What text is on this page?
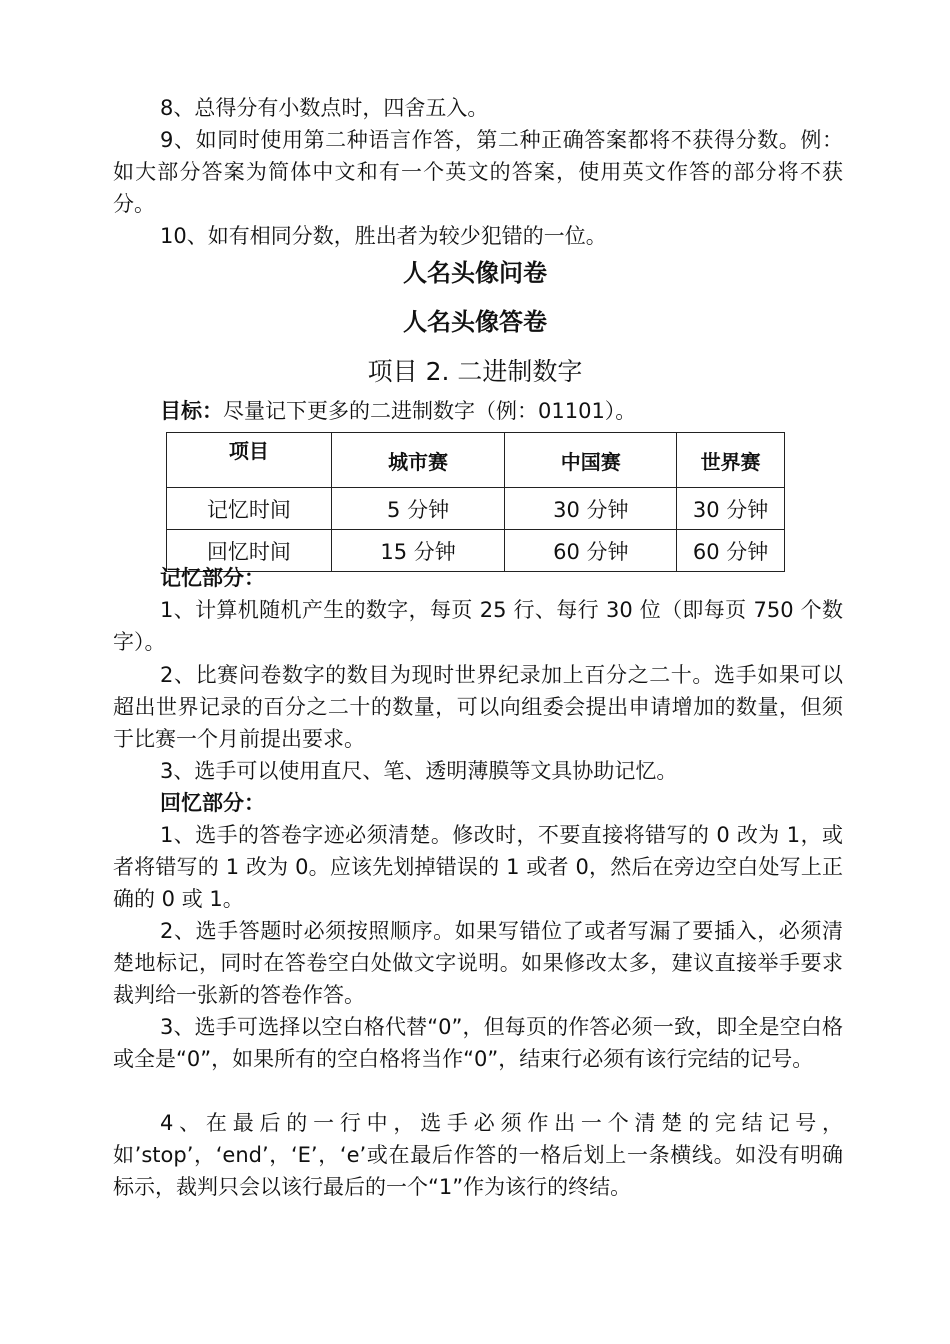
8、总得分有小数点时，四舍五入。
9、如同时使用第二种语言作答，第二种正确答案都将不获得分数。例：如大部分答案为简体中文和有一个英文的答案，使用英文作答的部分将不获分。
10、如有相同分数，胜出者为较少犯错的一位。
人名头像问卷
人名头像答卷
项目 2. 二进制数字
目标：尽量记下更多的二进制数字（例：01101）。
项目	城市赛	中国赛	世界赛
记忆时间	5 分钟	30 分钟	30 分钟
回忆时间	15 分钟	60 分钟	60 分钟
记忆部分：
1、计算机随机产生的数字，每页 25 行、每行 30 位（即每页 750 个数字）。
2、比赛问卷数字的数目为现时世界纪录加上百分之二十。选手如果可以超出世界记录的百分之二十的数量，可以向组委会提出申请增加的数量，但须于比赛一个月前提出要求。
3、选手可以使用直尺、笔、透明薄膜等文具协助记忆。
回忆部分：
1、选手的答卷字迹必须清楚。修改时，不要直接将错写的 0 改为 1，或者将错写的 1 改为 0。应该先划掉错误的 1 或者 0，然后在旁边空白处写上正确的 0 或 1。
2、选手答题时必须按照顺序。如果写错位了或者写漏了要插入，必须清楚地标记，同时在答卷空白处做文字说明。如果修改太多，建议直接举手要求裁判给一张新的答卷作答。
3、选手可选择以空白格代替“0”，但每页的作答必须一致，即全是空白格或全是“0”，如果所有的空白格将当作“0”，结束行必须有该行完结的记号。
4、在最后的一行中，选手必须作出一个清楚的完结记号，如’stop’，‘end’，‘E’，‘e’或在最后作答的一格后划上一条横线。如没有明确标示，裁判只会以该行最后的一个“1”作为该行的终结。
